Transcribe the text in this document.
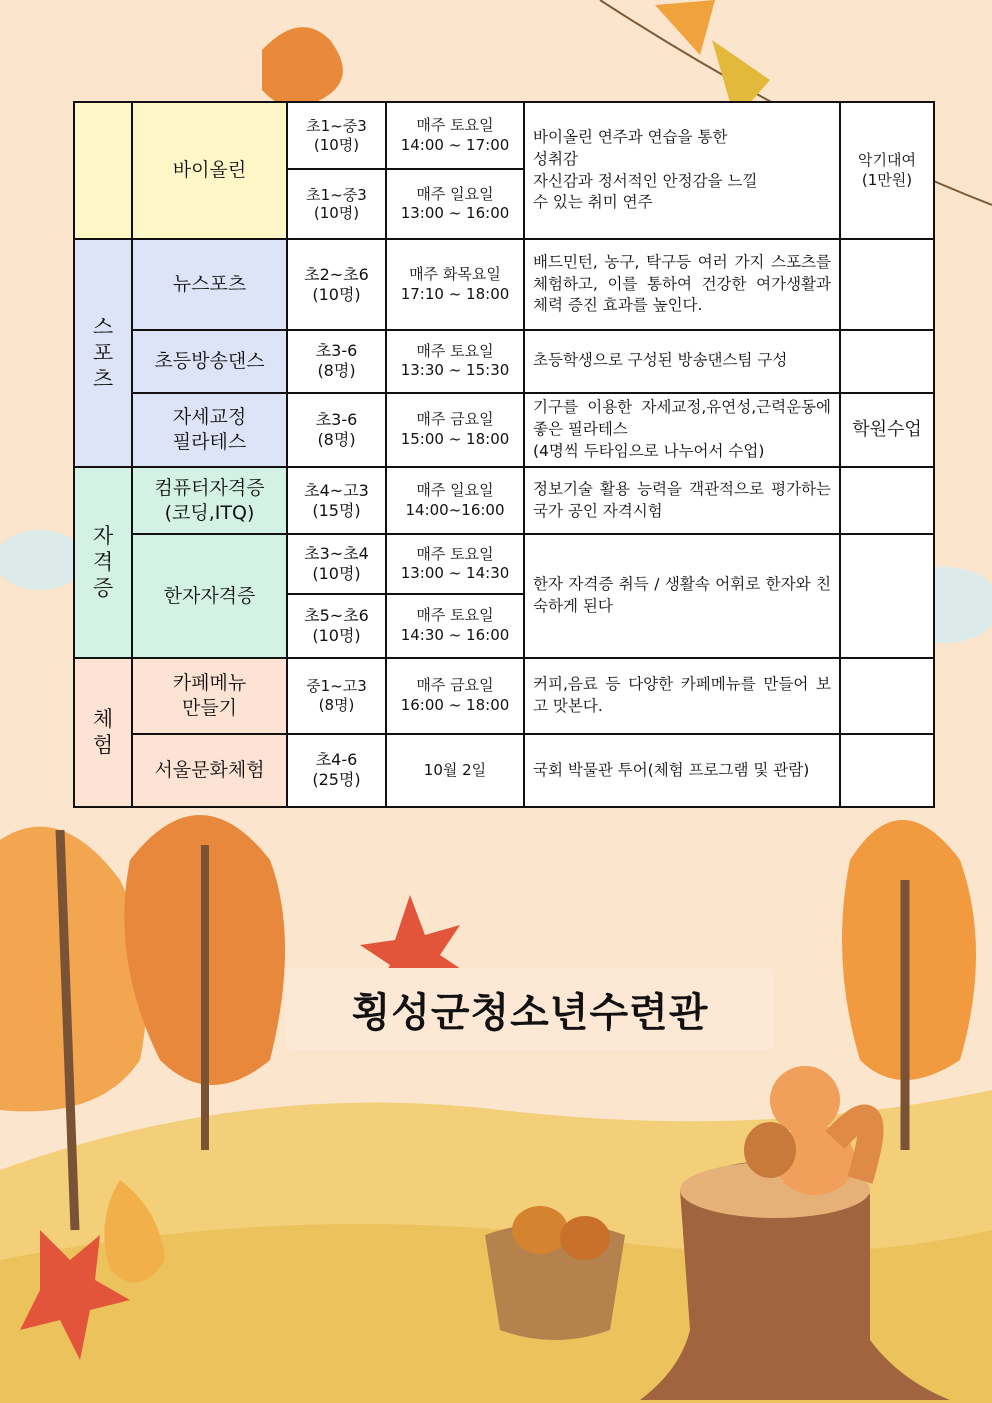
	바이올린	초1~중3
(10명)	매주 토요일
14:00 ~ 17:00	바이올린 연주과 연습을 통한
성취감
자신감과 정서적인 안정감을 느낄
수 있는 취미 연주	악기대여
(1만원)

		초1~중3
(10명)	매주 일요일
13:00 ~ 16:00		

스
포
츠	뉴스포츠	초2~초6
(10명)	매주 화목요일
17:10 ~ 18:00	배드민턴, 농구, 탁구등 여러 가지 스포츠를 체험하고, 이를 통하여 건강한 여가생활과 체력 증진 효과를 높인다.	

	초등방송댄스	초3-6
(8명)	매주 토요일
13:30 ~ 15:30	초등학생으로 구성된 방송댄스팀 구성	

	자세교정
필라테스	초3-6
(8명)	매주 금요일
15:00 ~ 18:00	기구를 이용한 자세교정,유연성,근력운동에 좋은 필라테스
(4명씩 두타임으로 나누어서 수업)	학원수업

자
격
증	컴퓨터자격증
(코딩,ITQ)	초4~고3
(15명)	매주 일요일
14:00~16:00	정보기술 활용 능력을 객관적으로 평가하는 국가 공인 자격시험	

	한자자격증	초3~초4
(10명)	매주 토요일
13:00 ~ 14:30	한자 자격증 취득 / 생활속 어휘로 한자와 친숙하게 된다	

		초5~초6
(10명)	매주 토요일
14:30 ~ 16:00		

체
험	카페메뉴
만들기	중1~고3
(8명)	매주 금요일
16:00 ~ 18:00	커피,음료 등 다양한 카페메뉴를 만들어 보고 맛본다.	

	서울문화체험	초4-6
(25명)	10월 2일	국회 박물관 투어(체험 프로그램 및 관람)	

횡성군청소년수련관
